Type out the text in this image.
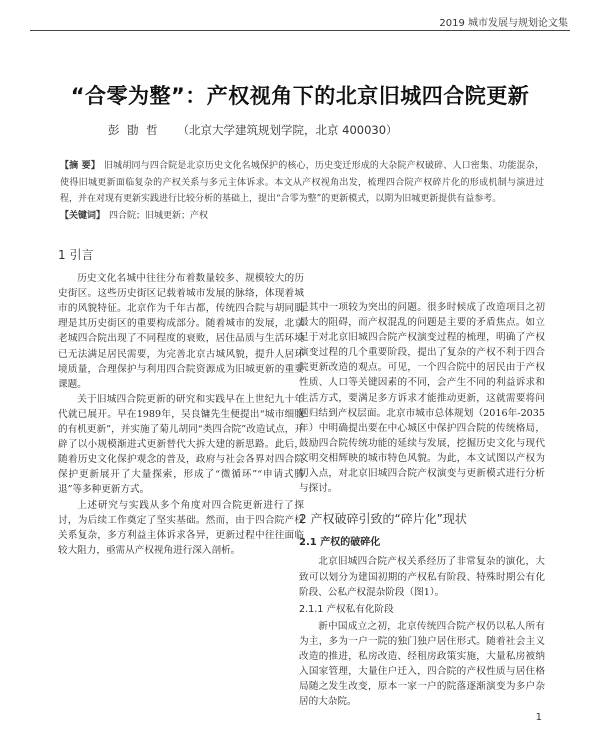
2019 城市发展与规划论文集
“合零为整”：产权视角下的北京旧城四合院更新
彭 勖 哲 （北京大学建筑规划学院，北京 400030）
【摘 要】 旧城胡同与四合院是北京历史文化名城保护的核心，历史变迁形成的大杂院产权破碎、人口密集、功能混杂，使得旧城更新面临复杂的产权关系与多元主体诉求。本文从产权视角出发，梳理四合院产权碎片化的形成机制与演进过程，并在对现有更新实践进行比较分析的基础上，提出“合零为整”的更新模式，以期为旧城更新提供有益参考。
【关键词】 四合院；旧城更新；产权
1 引言

历史文化名城中往往分布着数量较多、规模较大的历史街区。这些历史街区记载着城市发展的脉络，体现着城市的风貌特征。北京作为千年古都，传统四合院与胡同肌理是其历史街区的重要构成部分。随着城市的发展，北京老城四合院出现了不同程度的衰败，居住品质与生活环境已无法满足居民需要，为完善北京古城风貌，提升人居环境质量，合理保护与利用四合院资源成为旧城更新的重要课题。

关于旧城四合院更新的研究和实践早在上世纪九十年代就已展开。早在1989年，吴良镛先生便提出“城市细胞的有机更新”，并实施了菊儿胡同“类四合院”改造试点，开辟了以小规模渐进式更新替代大拆大建的新思路。此后，随着历史文化保护观念的普及，政府与社会各界对四合院保护更新展开了大量探索，形成了“微循环”“申请式腾退”等多种更新方式。

上述研究与实践从多个角度对四合院更新进行了探讨，为后续工作奠定了坚实基础。然而，由于四合院产权关系复杂，多方利益主体诉求各异，更新过程中往往面临较大阻力，亟需从产权视角进行深入剖析。

是其中一项较为突出的问题。很多时候成了改造项目之初最大的阻碍，而产权混乱的问题是主要的矛盾焦点。如立足于对北京旧城四合院产权演变过程的梳理，明确了产权演变过程的几个重要阶段，提出了复杂的产权不利于四合院更新改造的观点。可见，一个四合院中的居民由于产权性质、人口等关键因素的不同，会产生不同的利益诉求和生活方式，要满足多方诉求才能推动更新，这就需要将问题归结到产权层面。北京市城市总体规划（2016年-2035年）中明确提出要在中心城区中保护四合院的传统格局，鼓励四合院传统功能的延续与发展，挖掘历史文化与现代文明交相辉映的城市特色风貌。为此，本文试图以产权为切入点，对北京旧城四合院产权演变与更新模式进行分析与探讨。

2 产权破碎引致的“碎片化”现状
2.1 产权的破碎化

北京旧城四合院产权关系经历了非常复杂的演化，大致可以划分为建国初期的产权私有阶段、特殊时期公有化阶段、公私产权混杂阶段（图1）。

2.1.1 产权私有化阶段

新中国成立之初，北京传统四合院产权仍以私人所有为主，多为一户一院的独门独户居住形式。随着社会主义改造的推进，私房改造、经租房政策实施，大量私房被纳入国家管理，大量住户迁入，四合院的产权性质与居住格局随之发生改变，原本一家一户的院落逐渐演变为多户杂居的大杂院。

1
